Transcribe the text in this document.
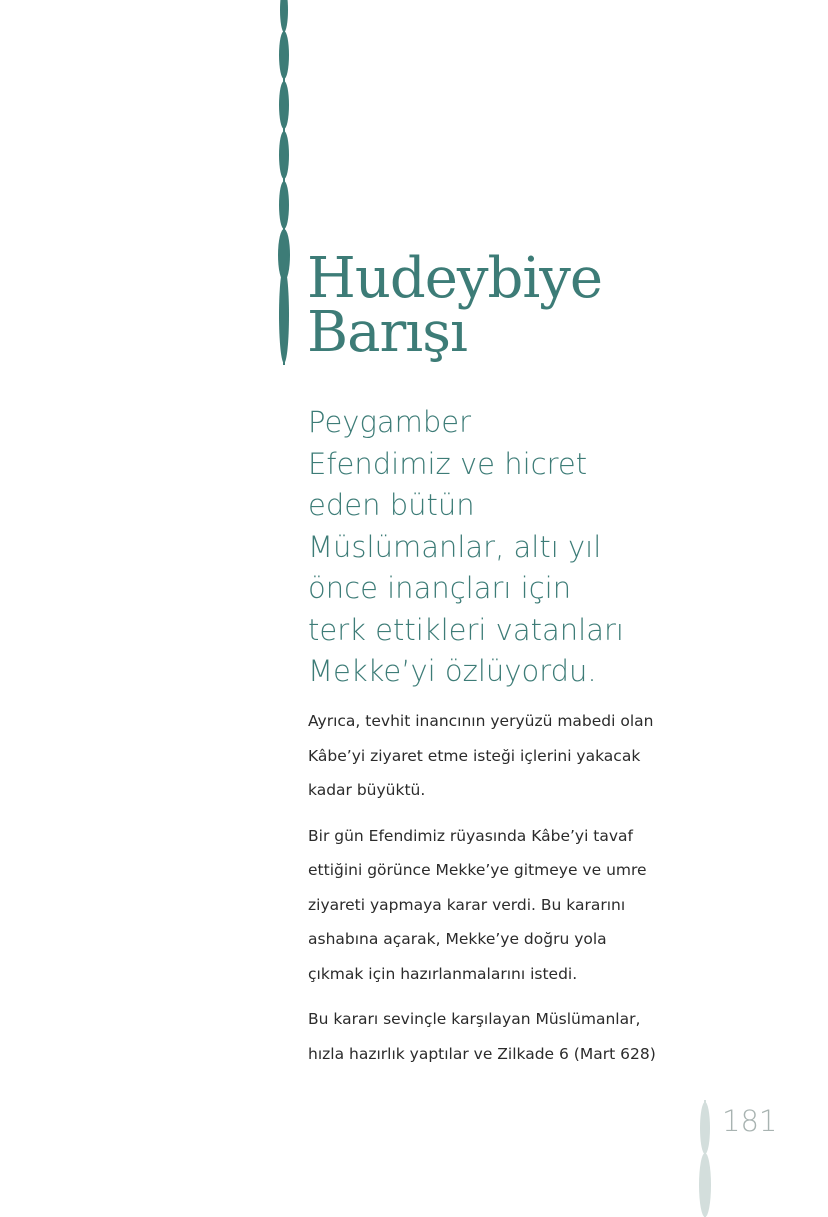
Hudeybiye
Barışı
Peygamber
Efendimiz ve hicret
eden bütün
Müslümanlar, altı yıl
önce inançları için
terk ettikleri vatanları
Mekke’yi özlüyordu.

Ayrıca, tevhit inancının yeryüzü mabedi olan
Kâbe’yi ziyaret etme isteği içlerini yakacak
kadar büyüktü.

Bir gün Efendimiz rüyasında Kâbe’yi tavaf
ettiğini görünce Mekke’ye gitmeye ve umre
ziyareti yapmaya karar verdi. Bu kararını
ashabına açarak, Mekke’ye doğru yola
çıkmak için hazırlanmalarını istedi.

Bu kararı sevinçle karşılayan Müslümanlar,
hızla hazırlık yaptılar ve Zilkade 6 (Mart 628)

181
